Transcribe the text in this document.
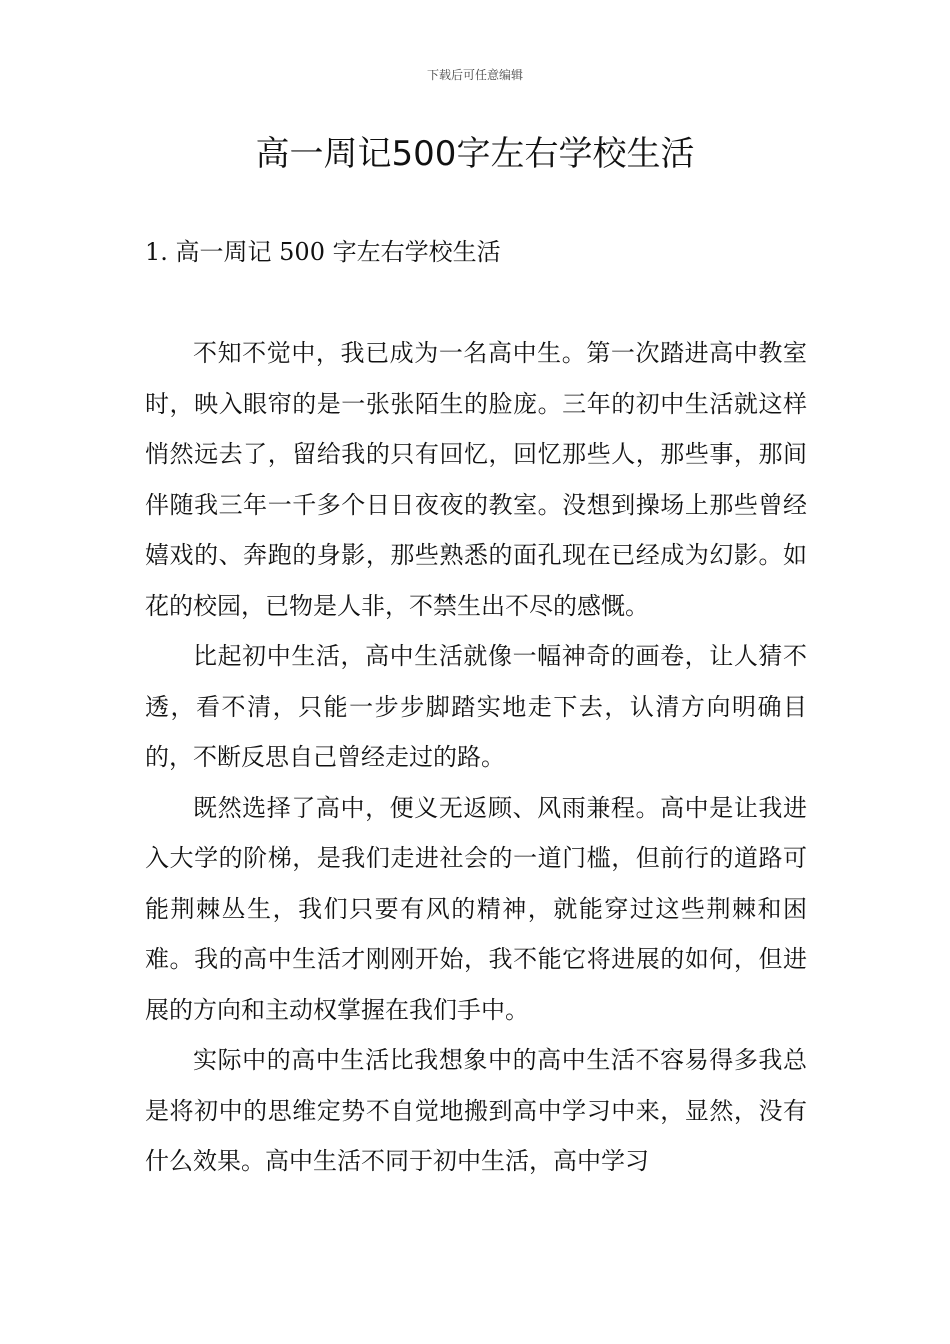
下载后可任意编辑
高一周记500字左右学校生活
1. 高一周记 500 字左右学校生活

不知不觉中，我已成为一名高中生。第一次踏进高中教室时，映入眼帘的是一张张陌生的脸庞。三年的初中生活就这样悄然远去了，留给我的只有回忆，回忆那些人，那些事，那间伴随我三年一千多个日日夜夜的教室。没想到操场上那些曾经嬉戏的、奔跑的身影，那些熟悉的面孔现在已经成为幻影。如花的校园，已物是人非，不禁生出不尽的感慨。

比起初中生活，高中生活就像一幅神奇的画卷，让人猜不透，看不清，只能一步步脚踏实地走下去，认清方向明确目的，不断反思自己曾经走过的路。

既然选择了高中，便义无返顾、风雨兼程。高中是让我进入大学的阶梯，是我们走进社会的一道门槛，但前行的道路可能荆棘丛生，我们只要有风的精神，就能穿过这些荆棘和困难。我的高中生活才刚刚开始，我不能它将进展的如何，但进展的方向和主动权掌握在我们手中。

实际中的高中生活比我想象中的高中生活不容易得多我总是将初中的思维定势不自觉地搬到高中学习中来，显然，没有什么效果。高中生活不同于初中生活，高中学习
